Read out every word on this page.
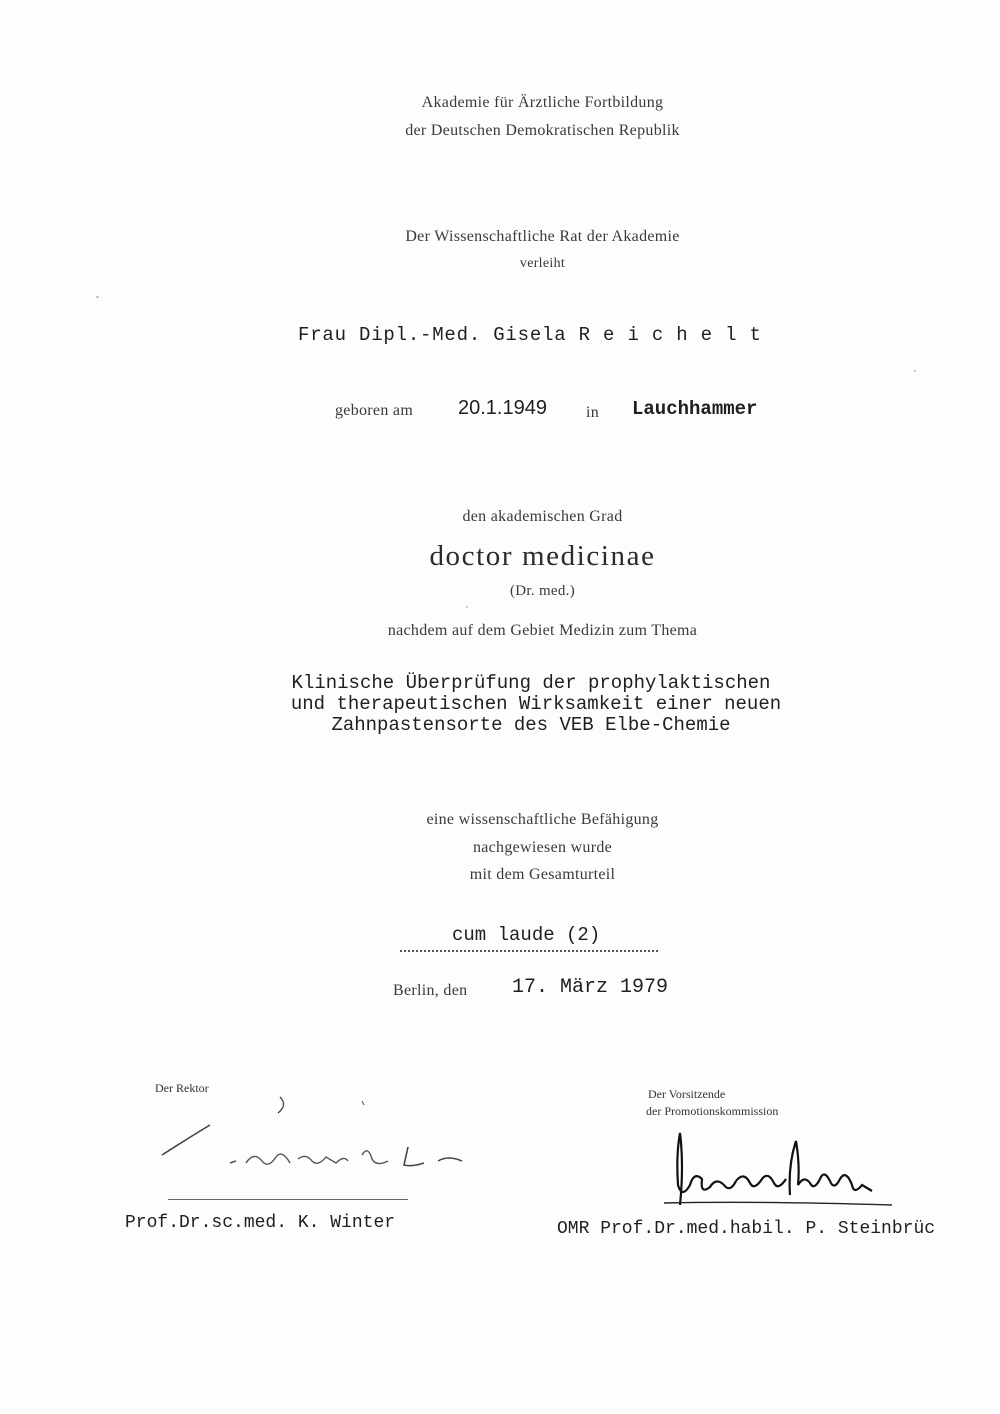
Akademie für Ärztliche Fortbildung
der Deutschen Demokratischen Republik
Der Wissenschaftliche Rat der Akademie
verleiht
Frau Dipl.-Med. Gisela R e i c h e l t
geboren am 20.1.1949 in Lauchhammer
den akademischen Grad
doctor medicinae
(Dr. med.)
nachdem auf dem Gebiet Medizin zum Thema
Klinische Überprüfung der prophylaktischen
und therapeutischen Wirksamkeit einer neuen
Zahnpastensorte des VEB Elbe-Chemie
eine wissenschaftliche Befähigung
nachgewiesen wurde
mit dem Gesamturteil
cum laude (2)
Berlin, den 17. März 1979
Der Rektor
Prof.Dr.sc.med. K. Winter
Der Vorsitzende
der Promotionskommission
OMR Prof.Dr.med.habil. P. Steinbrüc
